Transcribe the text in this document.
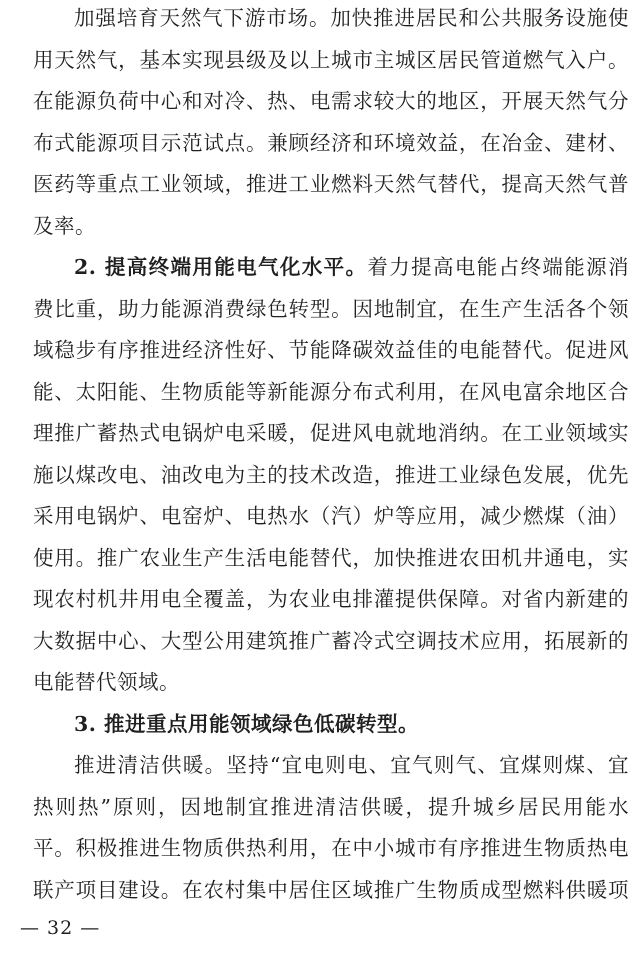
加强培育天然气下游市场。加快推进居民和公共服务设施使
用天然气，基本实现县级及以上城市主城区居民管道燃气入户。
在能源负荷中心和对冷、热、电需求较大的地区，开展天然气分
布式能源项目示范试点。兼顾经济和环境效益，在冶金、建材、
医药等重点工业领域，推进工业燃料天然气替代，提高天然气普
及率。
2. 提高终端用能电气化水平。着力提高电能占终端能源消
费比重，助力能源消费绿色转型。因地制宜，在生产生活各个领
域稳步有序推进经济性好、节能降碳效益佳的电能替代。促进风
能、太阳能、生物质能等新能源分布式利用，在风电富余地区合
理推广蓄热式电锅炉电采暖，促进风电就地消纳。在工业领域实
施以煤改电、油改电为主的技术改造，推进工业绿色发展，优先
采用电锅炉、电窑炉、电热水（汽）炉等应用，减少燃煤（油）
使用。推广农业生产生活电能替代，加快推进农田机井通电，实
现农村机井用电全覆盖，为农业电排灌提供保障。对省内新建的
大数据中心、大型公用建筑推广蓄冷式空调技术应用，拓展新的
电能替代领域。
3. 推进重点用能领域绿色低碳转型。
推进清洁供暖。坚持“宜电则电、宜气则气、宜煤则煤、宜
热则热”原则，因地制宜推进清洁供暖，提升城乡居民用能水
平。积极推进生物质供热利用，在中小城市有序推进生物质热电
联产项目建设。在农村集中居住区域推广生物质成型燃料供暖项
— 32 —
